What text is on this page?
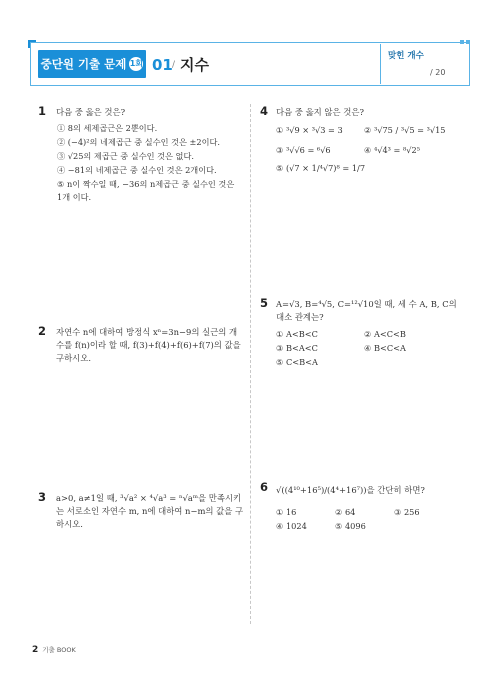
중단원 기출 문제 1회 01 / 지수	맞힌 개수
/ 20
1 다음 중 옳은 것은?
① 8의 세제곱근은 2뿐이다.
② (−4)²의 네제곱근 중 실수인 것은 ±2이다.
③ √25의 제곱근 중 실수인 것은 없다.
④ −81의 네제곱근 중 실수인 것은 2개이다.
⑤ n이 짝수일 때, −36의 n제곱근 중 실수인 것은 1개 이다.
2 자연수 n에 대하여 방정식 xⁿ=3n−9의 실근의 개수를 f(n)이라 할 때, f(3)+f(4)+f(6)+f(7)의 값을 구하시오.
3 a>0, a≠1일 때, ³√a² × ⁴√a³ = ⁿ√aᵐ을 만족시키는 서로소인 자연수 m, n에 대하여 n−m의 값을 구하시오.
4 다음 중 옳지 않은 것은?
① ³√9 × ³√3 = 3	② ³√75 / ³√5 = ³√15
③ ³√√6 = ⁶√6	④ ⁴√4³ = ⁸√2⁵
⑤ (√7 × 1/⁴√7)⁸ = 1/7
5 A=√3, B=⁴√5, C=¹²√10일 때, 세 수 A, B, C의 대소 관계는?
① A<B<C	② A<C<B
③ B<A<C	④ B<C<A
⑤ C<B<A
6 √((4¹⁰+16⁵)/(4⁴+16⁷))을 간단히 하면?
① 16	② 64	③ 256
④ 1024	⑤ 4096
2 기출 BOOK
